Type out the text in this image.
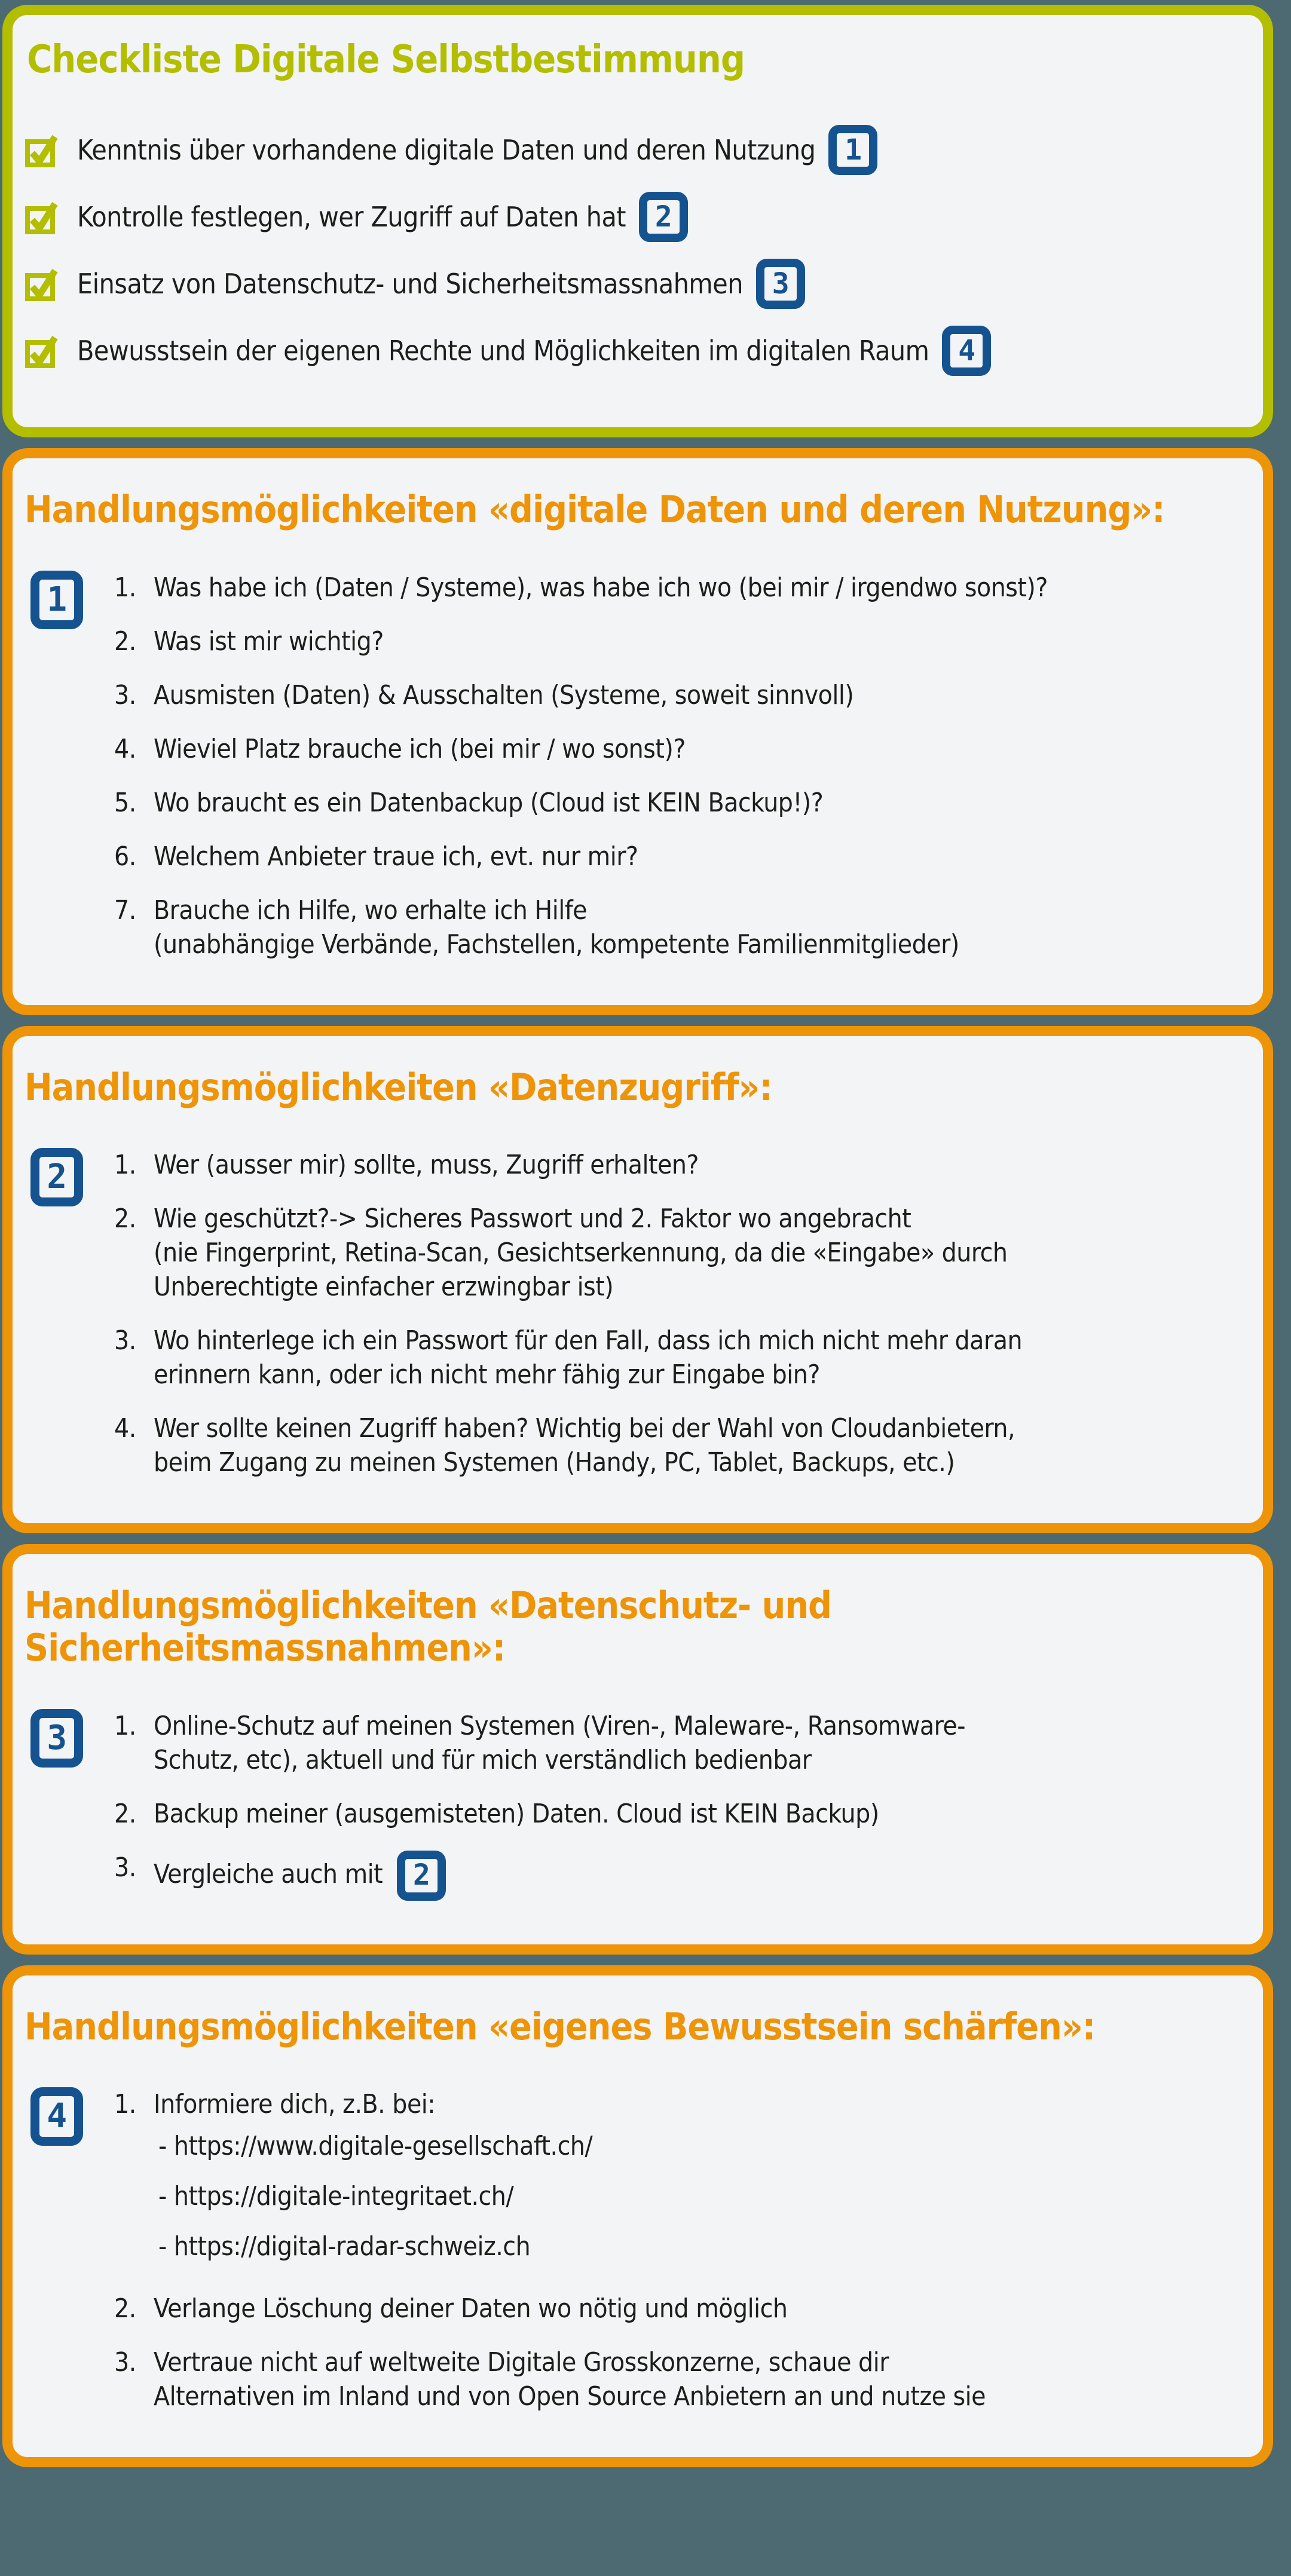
Checkliste Digitale Selbstbestimmung
Kenntnis über vorhandene digitale Daten und deren Nutzung	1
Kontrolle festlegen, wer Zugriff auf Daten hat	2
Einsatz von Datenschutz- und Sicherheitsmassnahmen	3
Bewusstsein der eigenen Rechte und Möglichkeiten im digitalen Raum	4
Handlungsmöglichkeiten «digitale Daten und deren Nutzung»:
1	1. Was habe ich (Daten / Systeme), was habe ich wo (bei mir / irgendwo sonst)?
2. Was ist mir wichtig?
3. Ausmisten (Daten) & Ausschalten (Systeme, soweit sinnvoll)
4. Wieviel Platz brauche ich (bei mir / wo sonst)?
5. Wo braucht es ein Datenbackup (Cloud ist KEIN Backup!)?
6. Welchem Anbieter traue ich, evt. nur mir?
7. Brauche ich Hilfe, wo erhalte ich Hilfe
(unabhängige Verbände, Fachstellen, kompetente Familienmitglieder)
Handlungsmöglichkeiten «Datenzugriff»:
2	1. Wer (ausser mir) sollte, muss, Zugriff erhalten?
2. Wie geschützt?-> Sicheres Passwort und 2. Faktor wo angebracht
(nie Fingerprint, Retina-Scan, Gesichtserkennung, da die «Eingabe» durch
Unberechtigte einfacher erzwingbar ist)
3. Wo hinterlege ich ein Passwort für den Fall, dass ich mich nicht mehr daran
erinnern kann, oder ich nicht mehr fähig zur Eingabe bin?
4. Wer sollte keinen Zugriff haben? Wichtig bei der Wahl von Cloudanbietern,
beim Zugang zu meinen Systemen (Handy, PC, Tablet, Backups, etc.)
Handlungsmöglichkeiten «Datenschutz- und Sicherheitsmassnahmen»:
3	1. Online-Schutz auf meinen Systemen (Viren-, Maleware-, Ransomware-
Schutz, etc), aktuell und für mich verständlich bedienbar
2. Backup meiner (ausgemisteten) Daten. Cloud ist KEIN Backup)
3. Vergleiche auch mit 2
Handlungsmöglichkeiten «eigenes Bewusstsein schärfen»:
4	1. Informiere dich, z.B. bei:
- https://www.digitale-gesellschaft.ch/
- https://digitale-integritaet.ch/
- https://digital-radar-schweiz.ch
2. Verlange Löschung deiner Daten wo nötig und möglich
3. Vertraue nicht auf weltweite Digitale Grosskonzerne, schaue dir
Alternativen im Inland und von Open Source Anbietern an und nutze sie
